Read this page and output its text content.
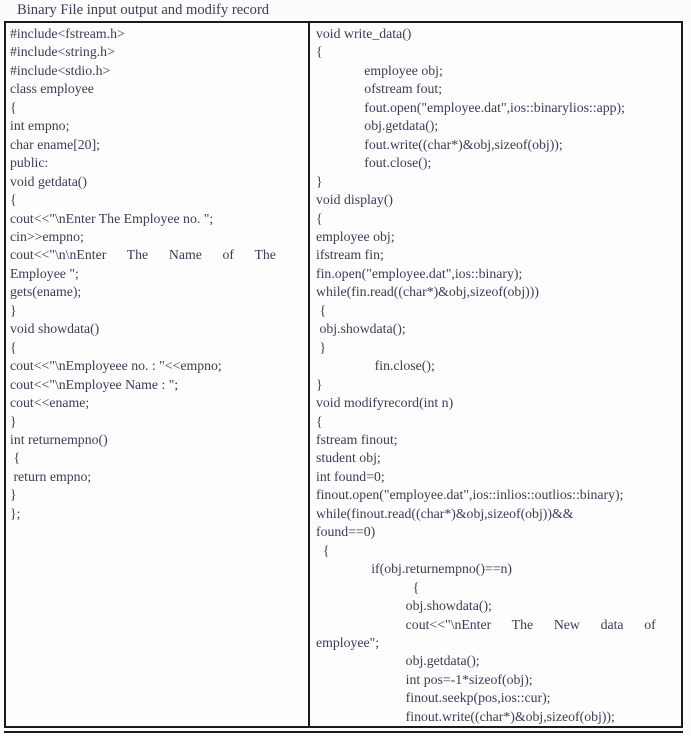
Binary File input output and modify record
#include<fstream.h>
#include<string.h>
#include<stdio.h>
class employee
{
int empno;
char ename[20];
public:
void getdata()
{
cout<<"\nEnter The Employee no. ";
cin>>empno;
cout<<"\n\nEnter      The      Name      of      The
Employee ";
gets(ename);
}
void showdata()
{
cout<<"\nEmployeee no. : "<<empno;
cout<<"\nEmployee Name : ";
cout<<ename;
}
int returnempno()
{
return empno;
}
};
void write_data()
{
employee obj;
ofstream fout;
fout.open("employee.dat",ios::binarylios::app);
obj.getdata();
fout.write((char*)&obj,sizeof(obj));
fout.close();
}
void display()
{
employee obj;
ifstream fin;
fin.open("employee.dat",ios::binary);
while(fin.read((char*)&obj,sizeof(obj)))
{
obj.showdata();
}
fin.close();
}
void modifyrecord(int n)
{
fstream finout;
student obj;
int found=0;
finout.open("employee.dat",ios::inlios::outlios::binary);
while(finout.read((char*)&obj,sizeof(obj))&&
found==0)
{
if(obj.returnempno()==n)
{
obj.showdata();
cout<<"\nEnter      The      New      data      of
employee";
obj.getdata();
int pos=-1*sizeof(obj);
finout.seekp(pos,ios::cur);
finout.write((char*)&obj,sizeof(obj));
